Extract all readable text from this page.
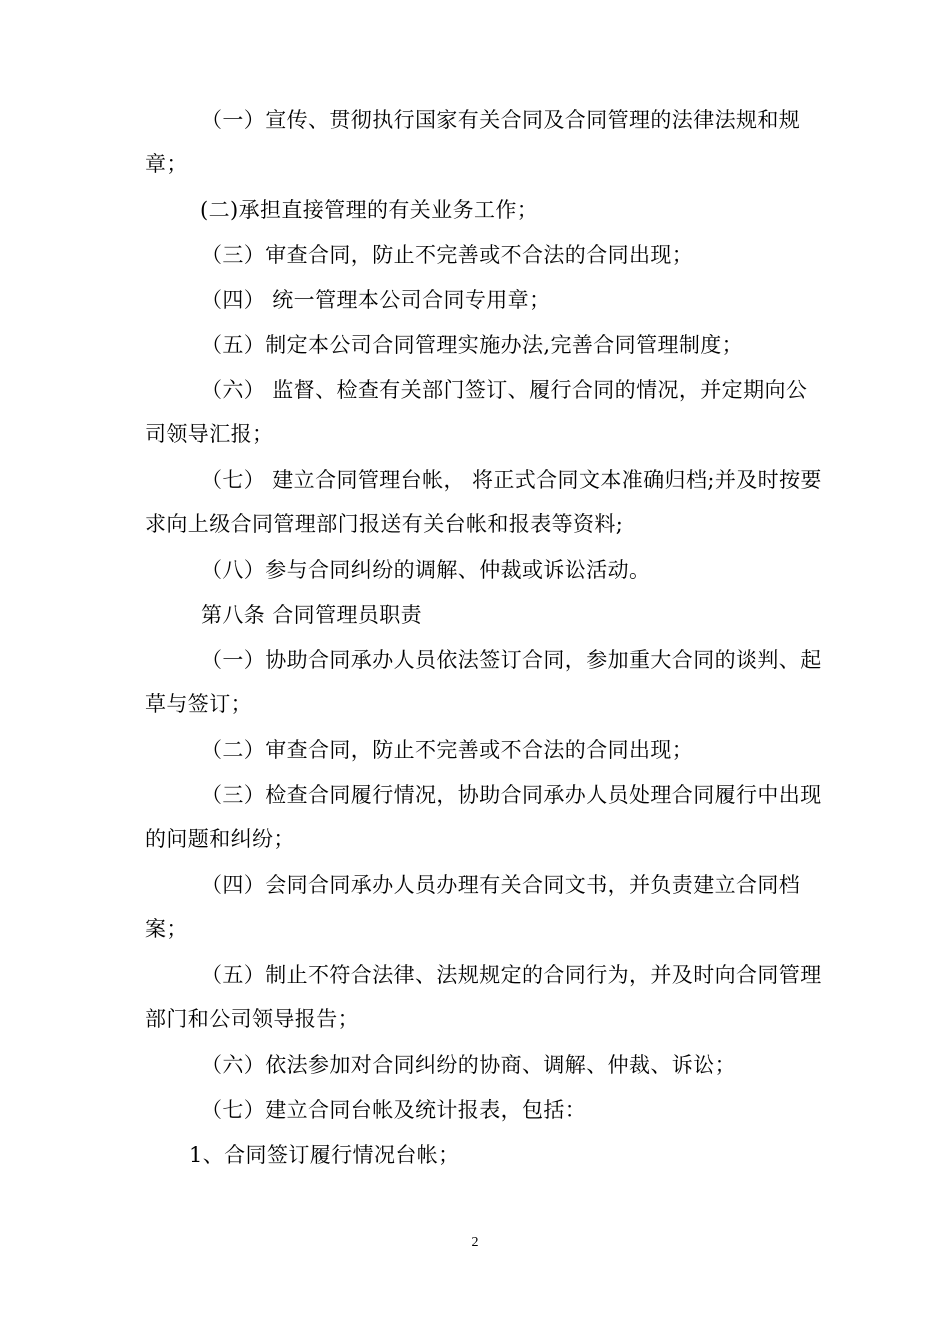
（一）宣传、贯彻执行国家有关合同及合同管理的法律法规和规章；

(二)承担直接管理的有关业务工作；

（三）审查合同，防止不完善或不合法的合同出现；

（四） 统一管理本公司合同专用章；

（五）制定本公司合同管理实施办法,完善合同管理制度；

（六） 监督、检查有关部门签订、履行合同的情况，并定期向公司领导汇报；

（七） 建立合同管理台帐， 将正式合同文本准确归档;并及时按要求向上级合同管理部门报送有关台帐和报表等资料;

（八）参与合同纠纷的调解、仲裁或诉讼活动。

第八条 合同管理员职责

（一）协助合同承办人员依法签订合同，参加重大合同的谈判、起草与签订；

（二）审查合同，防止不完善或不合法的合同出现；

（三）检查合同履行情况，协助合同承办人员处理合同履行中出现的问题和纠纷；

（四）会同合同承办人员办理有关合同文书，并负责建立合同档案；

（五）制止不符合法律、法规规定的合同行为，并及时向合同管理部门和公司领导报告；

（六）依法参加对合同纠纷的协商、调解、仲裁、诉讼；

（七）建立合同台帐及统计报表，包括：

1、合同签订履行情况台帐；

2
